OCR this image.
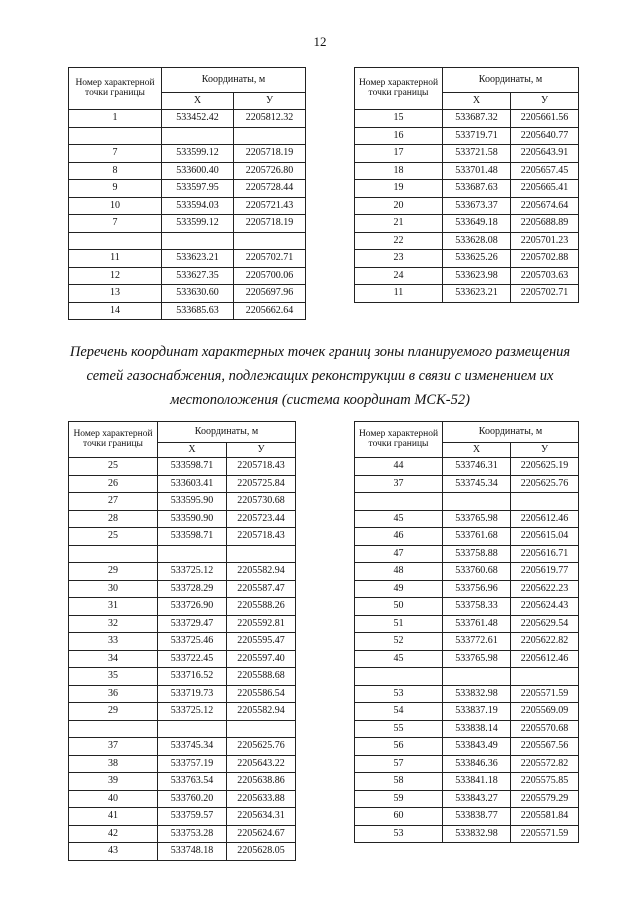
12
Номер характерной точки границы	Координаты, м	
	X	У
1	533452.42	2205812.32

7	533599.12	2205718.19
8	533600.40	2205726.80
9	533597.95	2205728.44
10	533594.03	2205721.43
7	533599.12	2205718.19

11	533623.21	2205702.71
12	533627.35	2205700.06
13	533630.60	2205697.96
14	533685.63	2205662.64
Номер характерной точки границы	Координаты, м	
	X	У
15	533687.32	2205661.56
16	533719.71	2205640.77
17	533721.58	2205643.91
18	533701.48	2205657.45
19	533687.63	2205665.41
20	533673.37	2205674.64
21	533649.18	2205688.89
22	533628.08	2205701.23
23	533625.26	2205702.88
24	533623.98	2205703.63
11	533623.21	2205702.71
Перечень координат характерных точек границ зоны планируемого размещения
сетей газоснабжения, подлежащих реконструкции в связи с изменением их
местоположения (система координат МСК-52)
Номер характерной точки границы	Координаты, м	
	X	У
25	533598.71	2205718.43
26	533603.41	2205725.84
27	533595.90	2205730.68
28	533590.90	2205723.44
25	533598.71	2205718.43

29	533725.12	2205582.94
30	533728.29	2205587.47
31	533726.90	2205588.26
32	533729.47	2205592.81
33	533725.46	2205595.47
34	533722.45	2205597.40
35	533716.52	2205588.68
36	533719.73	2205586.54
29	533725.12	2205582.94

37	533745.34	2205625.76
38	533757.19	2205643.22
39	533763.54	2205638.86
40	533760.20	2205633.88
41	533759.57	2205634.31
42	533753.28	2205624.67
43	533748.18	2205628.05
Номер характерной точки границы	Координаты, м	
	X	У
44	533746.31	2205625.19
37	533745.34	2205625.76

45	533765.98	2205612.46
46	533761.68	2205615.04
47	533758.88	2205616.71
48	533760.68	2205619.77
49	533756.96	2205622.23
50	533758.33	2205624.43
51	533761.48	2205629.54
52	533772.61	2205622.82
45	533765.98	2205612.46

53	533832.98	2205571.59
54	533837.19	2205569.09
55	533838.14	2205570.68
56	533843.49	2205567.56
57	533846.36	2205572.82
58	533841.18	2205575.85
59	533843.27	2205579.29
60	533838.77	2205581.84
53	533832.98	2205571.59
